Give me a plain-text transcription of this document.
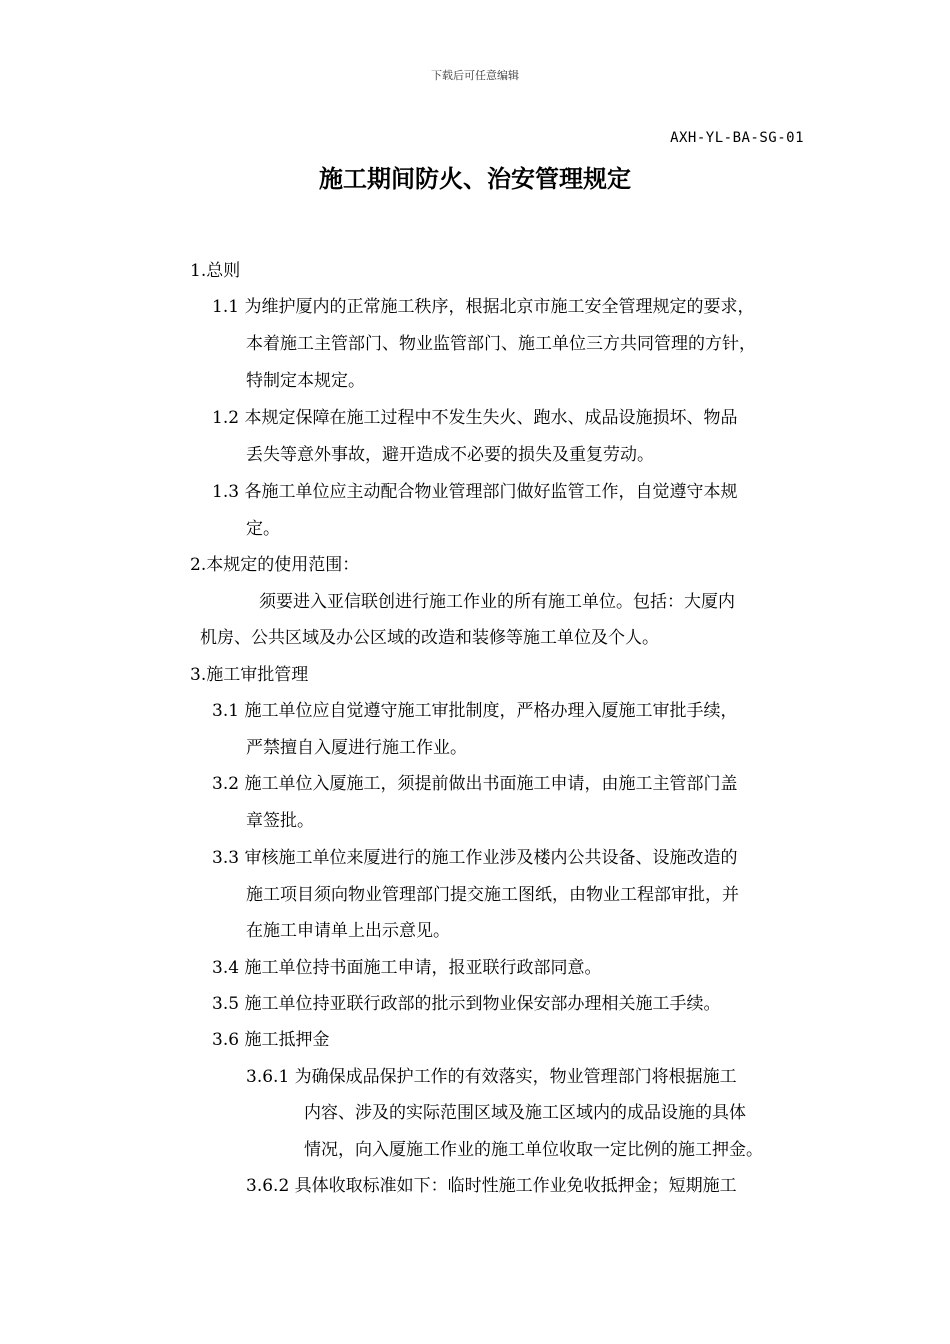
下载后可任意编辑
AXH-YL-BA-SG-01
施工期间防火、治安管理规定
1.总则
1.1 为维护厦内的正常施工秩序，根据北京市施工安全管理规定的要求，
本着施工主管部门、物业监管部门、施工单位三方共同管理的方针，
特制定本规定。
1.2 本规定保障在施工过程中不发生失火、跑水、成品设施损坏、物品
丢失等意外事故，避开造成不必要的损失及重复劳动。
1.3 各施工单位应主动配合物业管理部门做好监管工作，自觉遵守本规
定。
2.本规定的使用范围：
须要进入亚信联创进行施工作业的所有施工单位。包括：大厦内
机房、公共区域及办公区域的改造和装修等施工单位及个人。
3.施工审批管理
3.1 施工单位应自觉遵守施工审批制度，严格办理入厦施工审批手续，
严禁擅自入厦进行施工作业。
3.2 施工单位入厦施工，须提前做出书面施工申请，由施工主管部门盖
章签批。
3.3 审核施工单位来厦进行的施工作业涉及楼内公共设备、设施改造的
施工项目须向物业管理部门提交施工图纸，由物业工程部审批，并
在施工申请单上出示意见。
3.4 施工单位持书面施工申请，报亚联行政部同意。
3.5 施工单位持亚联行政部的批示到物业保安部办理相关施工手续。
3.6 施工抵押金
3.6.1 为确保成品保护工作的有效落实，物业管理部门将根据施工
内容、涉及的实际范围区域及施工区域内的成品设施的具体
情况，向入厦施工作业的施工单位收取一定比例的施工押金。
3.6.2 具体收取标准如下：临时性施工作业免收抵押金；短期施工
